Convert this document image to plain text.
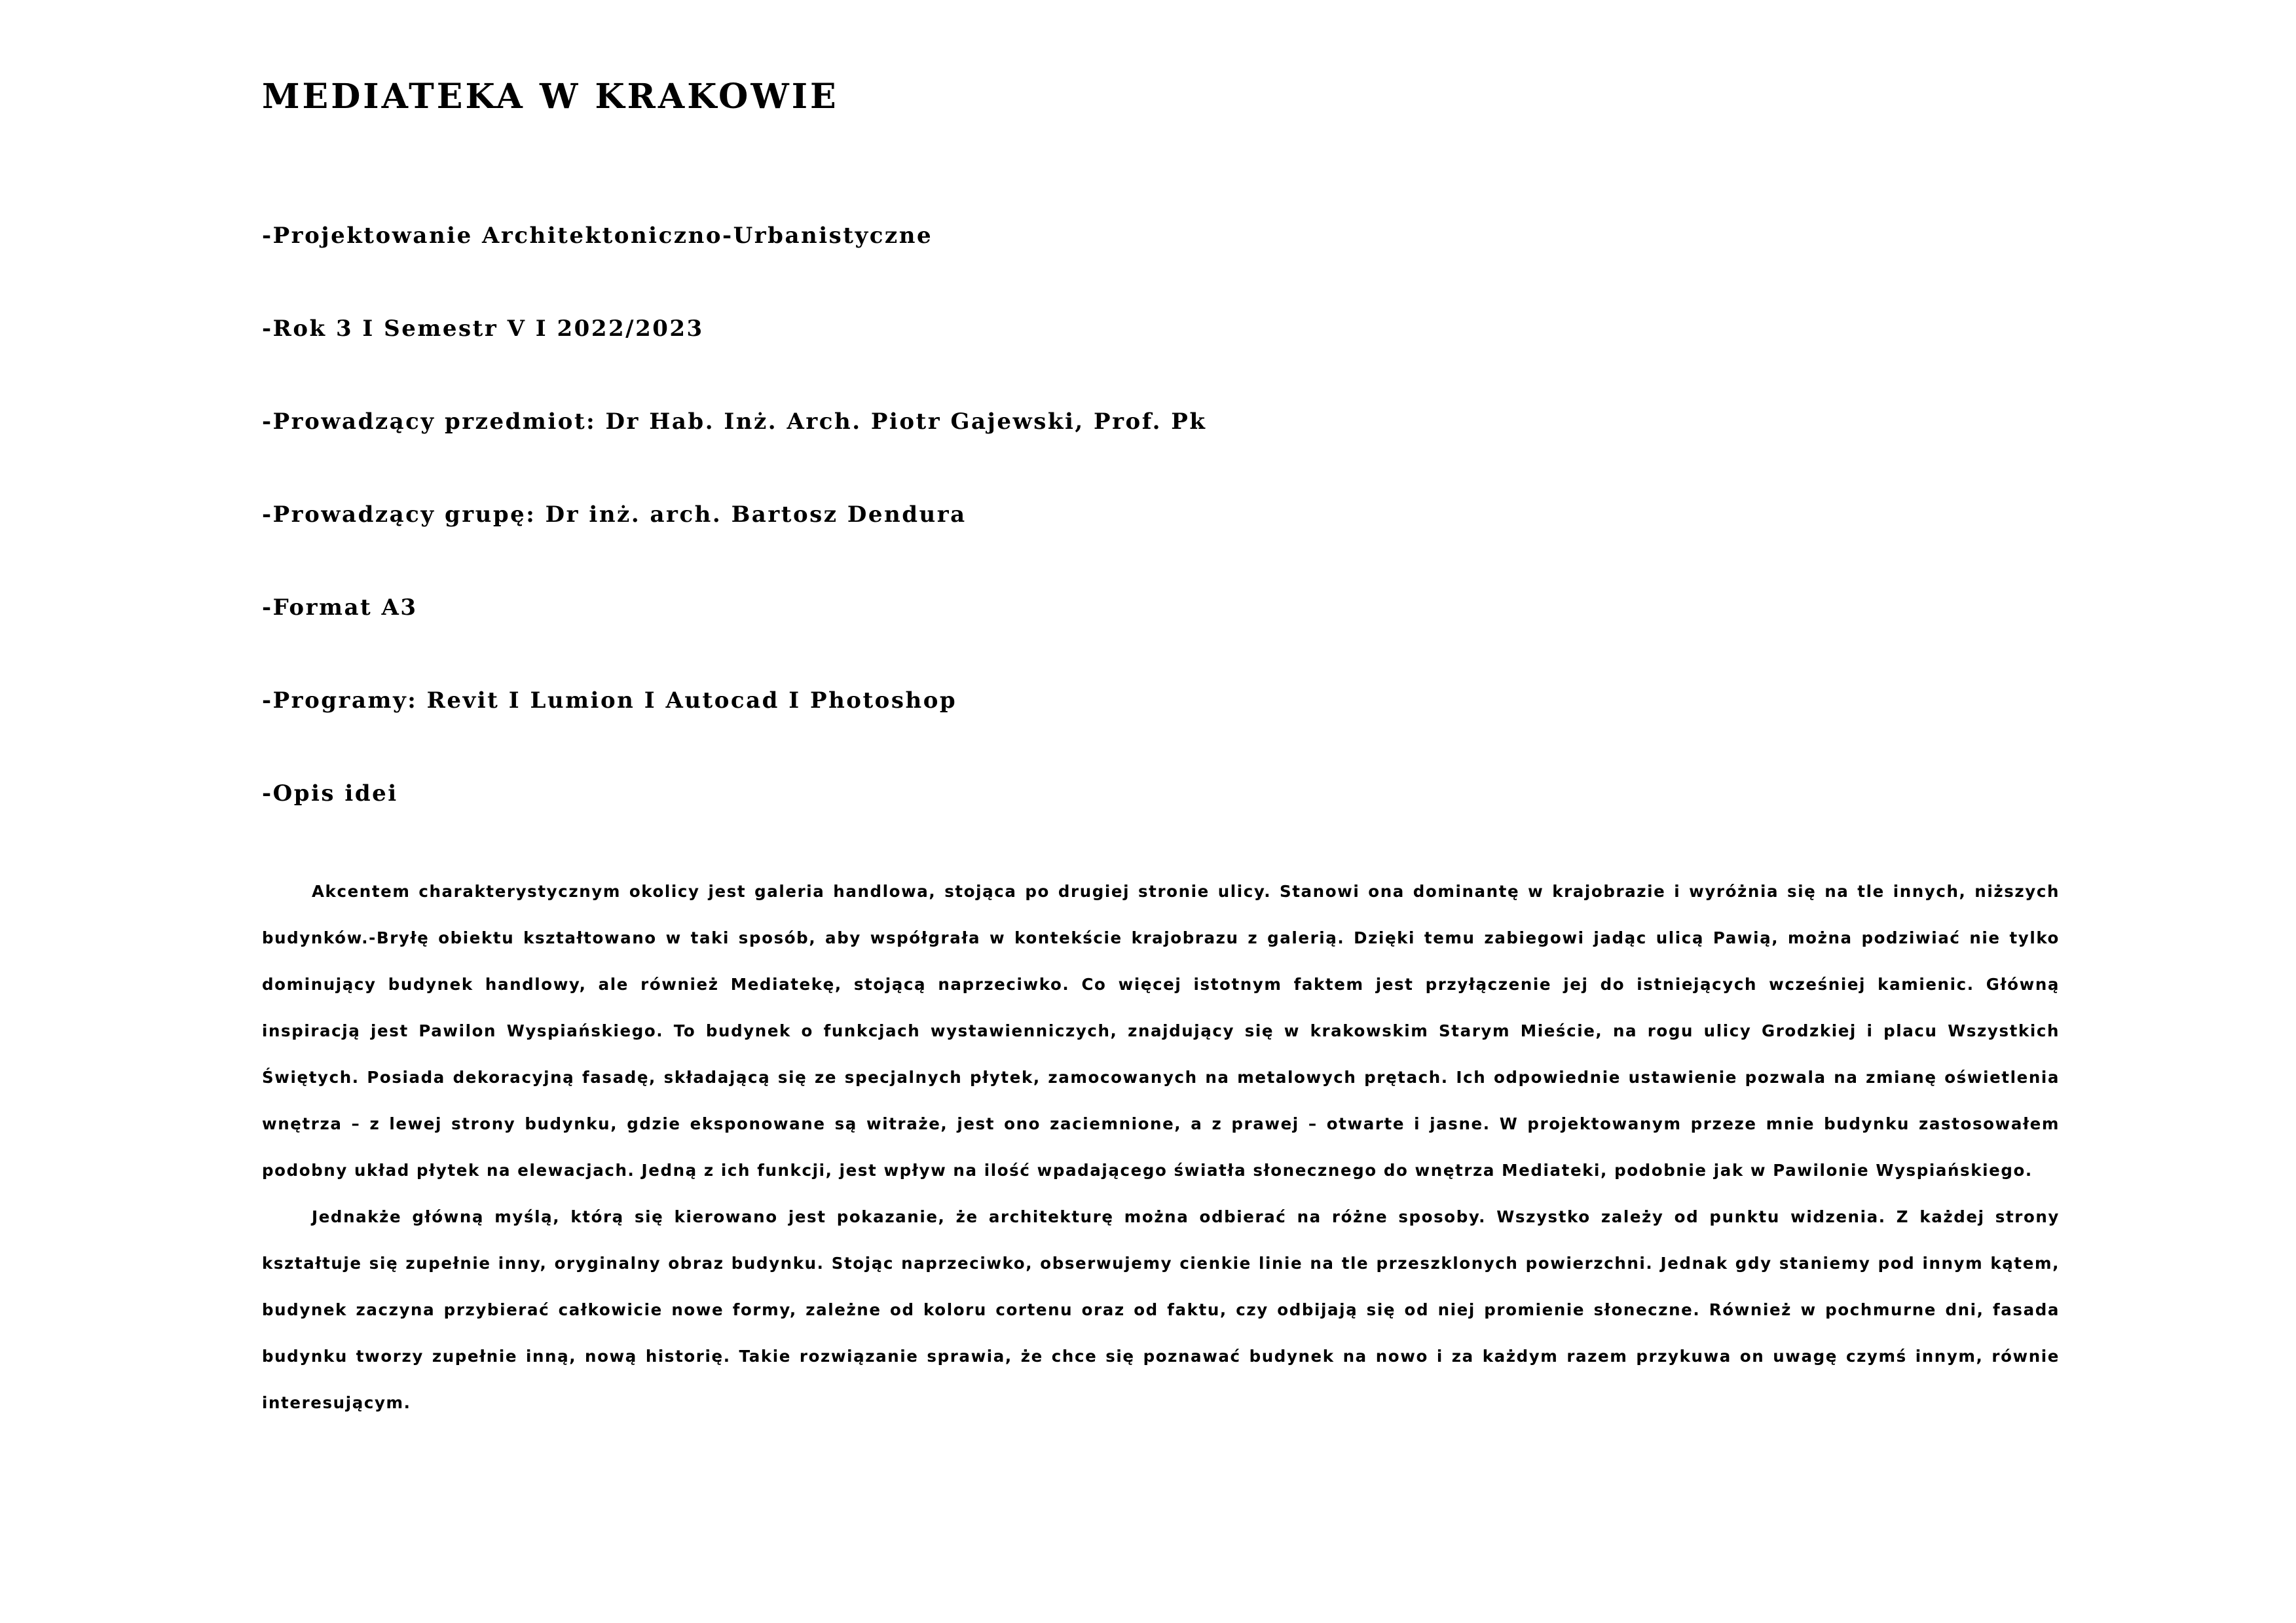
MEDIATEKA W KRAKOWIE
-Projektowanie Architektoniczno-Urbanistyczne
-Rok 3 I Semestr V I 2022/2023
-Prowadzący przedmiot: Dr Hab. Inż. Arch. Piotr Gajewski, Prof. Pk
-Prowadzący grupę: Dr inż. arch. Bartosz Dendura
-Format A3
-Programy: Revit I Lumion I Autocad I Photoshop
-Opis idei

Akcentem charakterystycznym okolicy jest galeria handlowa, stojąca po drugiej stronie ulicy. Stanowi ona dominantę w krajobrazie i wyróżnia się na tle innych, niższych budynków.-Bryłę obiektu kształtowano w taki sposób, aby współgrała w kontekście krajobrazu z galerią. Dzięki temu zabiegowi jadąc ulicą Pawią, można podziwiać nie tylko dominujący budynek handlowy, ale również Mediatekę, stojącą naprzeciwko. Co więcej istotnym faktem jest przyłączenie jej do istniejących wcześniej kamienic. Główną inspiracją jest Pawilon Wyspiańskiego. To budynek o funkcjach wystawienniczych, znajdujący się w krakowskim Starym Mieście, na rogu ulicy Grodzkiej i placu Wszystkich Świętych. Posiada dekoracyjną fasadę, składającą się ze specjalnych płytek, zamocowanych na metalowych prętach. Ich odpowiednie ustawienie pozwala na zmianę oświetlenia wnętrza – z lewej strony budynku, gdzie eksponowane są witraże, jest ono zaciemnione, a z prawej – otwarte i jasne. W projektowanym przeze mnie budynku zastosowałem podobny układ płytek na elewacjach. Jedną z ich funkcji, jest wpływ na ilość wpadającego światła słonecznego do wnętrza Mediateki, podobnie jak w Pawilonie Wyspiańskiego.

Jednakże główną myślą, którą się kierowano jest pokazanie, że architekturę można odbierać na różne sposoby. Wszystko zależy od punktu widzenia. Z każdej strony kształtuje się zupełnie inny, oryginalny obraz budynku. Stojąc naprzeciwko, obserwujemy cienkie linie na tle przeszklonych powierzchni. Jednak gdy staniemy pod innym kątem, budynek zaczyna przybierać całkowicie nowe formy, zależne od koloru cortenu oraz od faktu, czy odbijają się od niej promienie słoneczne. Również w pochmurne dni, fasada budynku tworzy zupełnie inną, nową historię. Takie rozwiązanie sprawia, że chce się poznawać budynek na nowo i za każdym razem przykuwa on uwagę czymś innym, równie interesującym.
